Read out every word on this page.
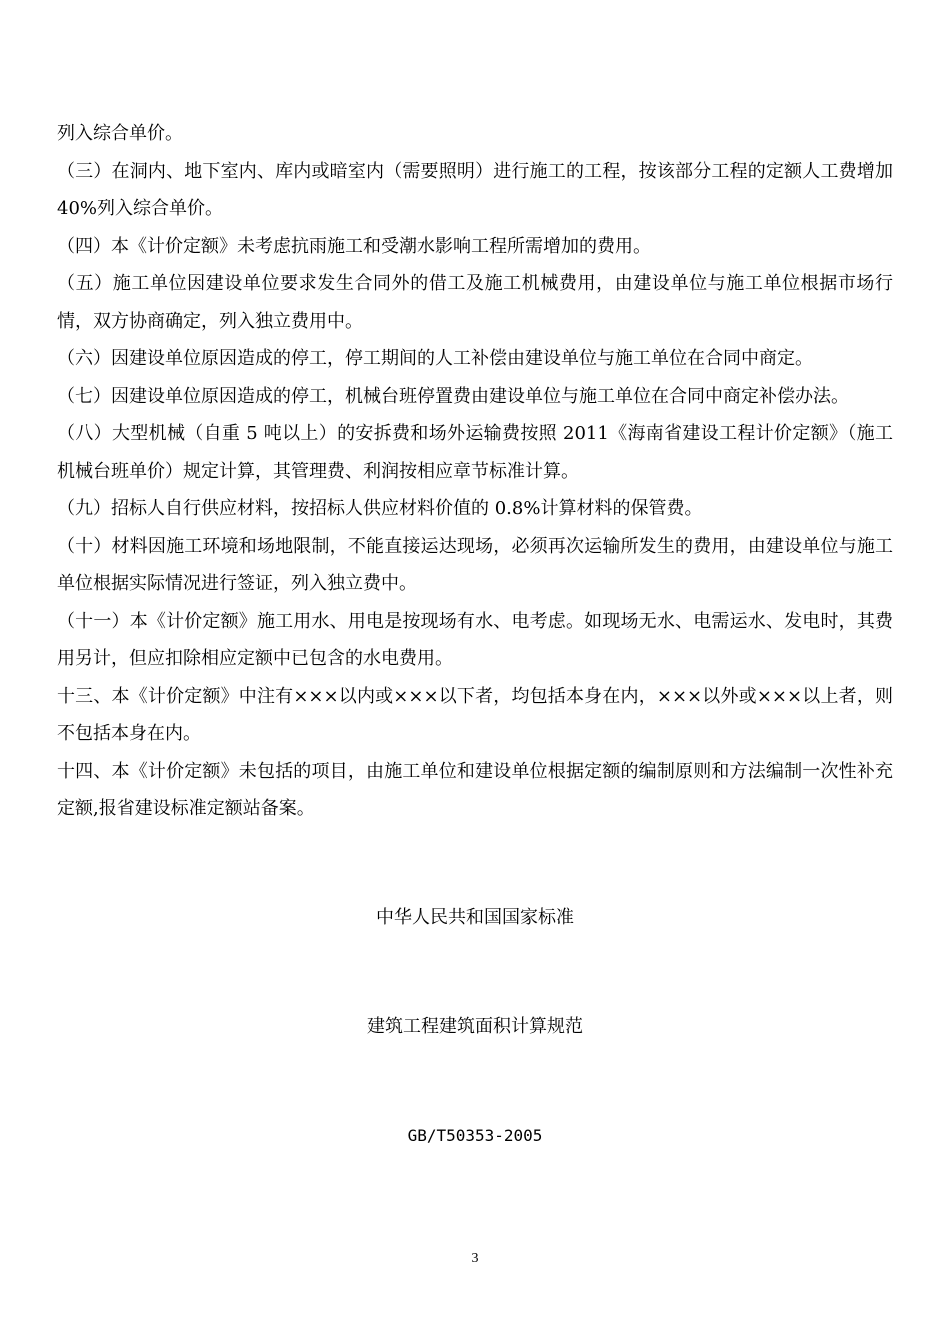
列入综合单价。

（三）在洞内、地下室内、库内或暗室内（需要照明）进行施工的工程，按该部分工程的定额人工费增加 40%列入综合单价。

（四）本《计价定额》未考虑抗雨施工和受潮水影响工程所需增加的费用。

（五）施工单位因建设单位要求发生合同外的借工及施工机械费用，由建设单位与施工单位根据市场行情，双方协商确定，列入独立费用中。

（六）因建设单位原因造成的停工，停工期间的人工补偿由建设单位与施工单位在合同中商定。

（七）因建设单位原因造成的停工，机械台班停置费由建设单位与施工单位在合同中商定补偿办法。

（八）大型机械（自重 5 吨以上）的安拆费和场外运输费按照 2011《海南省建设工程计价定额》（施工机械台班单价）规定计算，其管理费、利润按相应章节标准计算。

（九）招标人自行供应材料，按招标人供应材料价值的 0.8%计算材料的保管费。

（十）材料因施工环境和场地限制，不能直接运达现场，必须再次运输所发生的费用，由建设单位与施工单位根据实际情况进行签证，列入独立费中。

（十一）本《计价定额》施工用水、用电是按现场有水、电考虑。如现场无水、电需运水、发电时，其费用另计，但应扣除相应定额中已包含的水电费用。

十三、本《计价定额》中注有×××以内或×××以下者，均包括本身在内，×××以外或×××以上者，则不包括本身在内。

十四、本《计价定额》未包括的项目，由施工单位和建设单位根据定额的编制原则和方法编制一次性补充定额,报省建设标准定额站备案。

中华人民共和国国家标准
建筑工程建筑面积计算规范
GB/T50353-2005
3
